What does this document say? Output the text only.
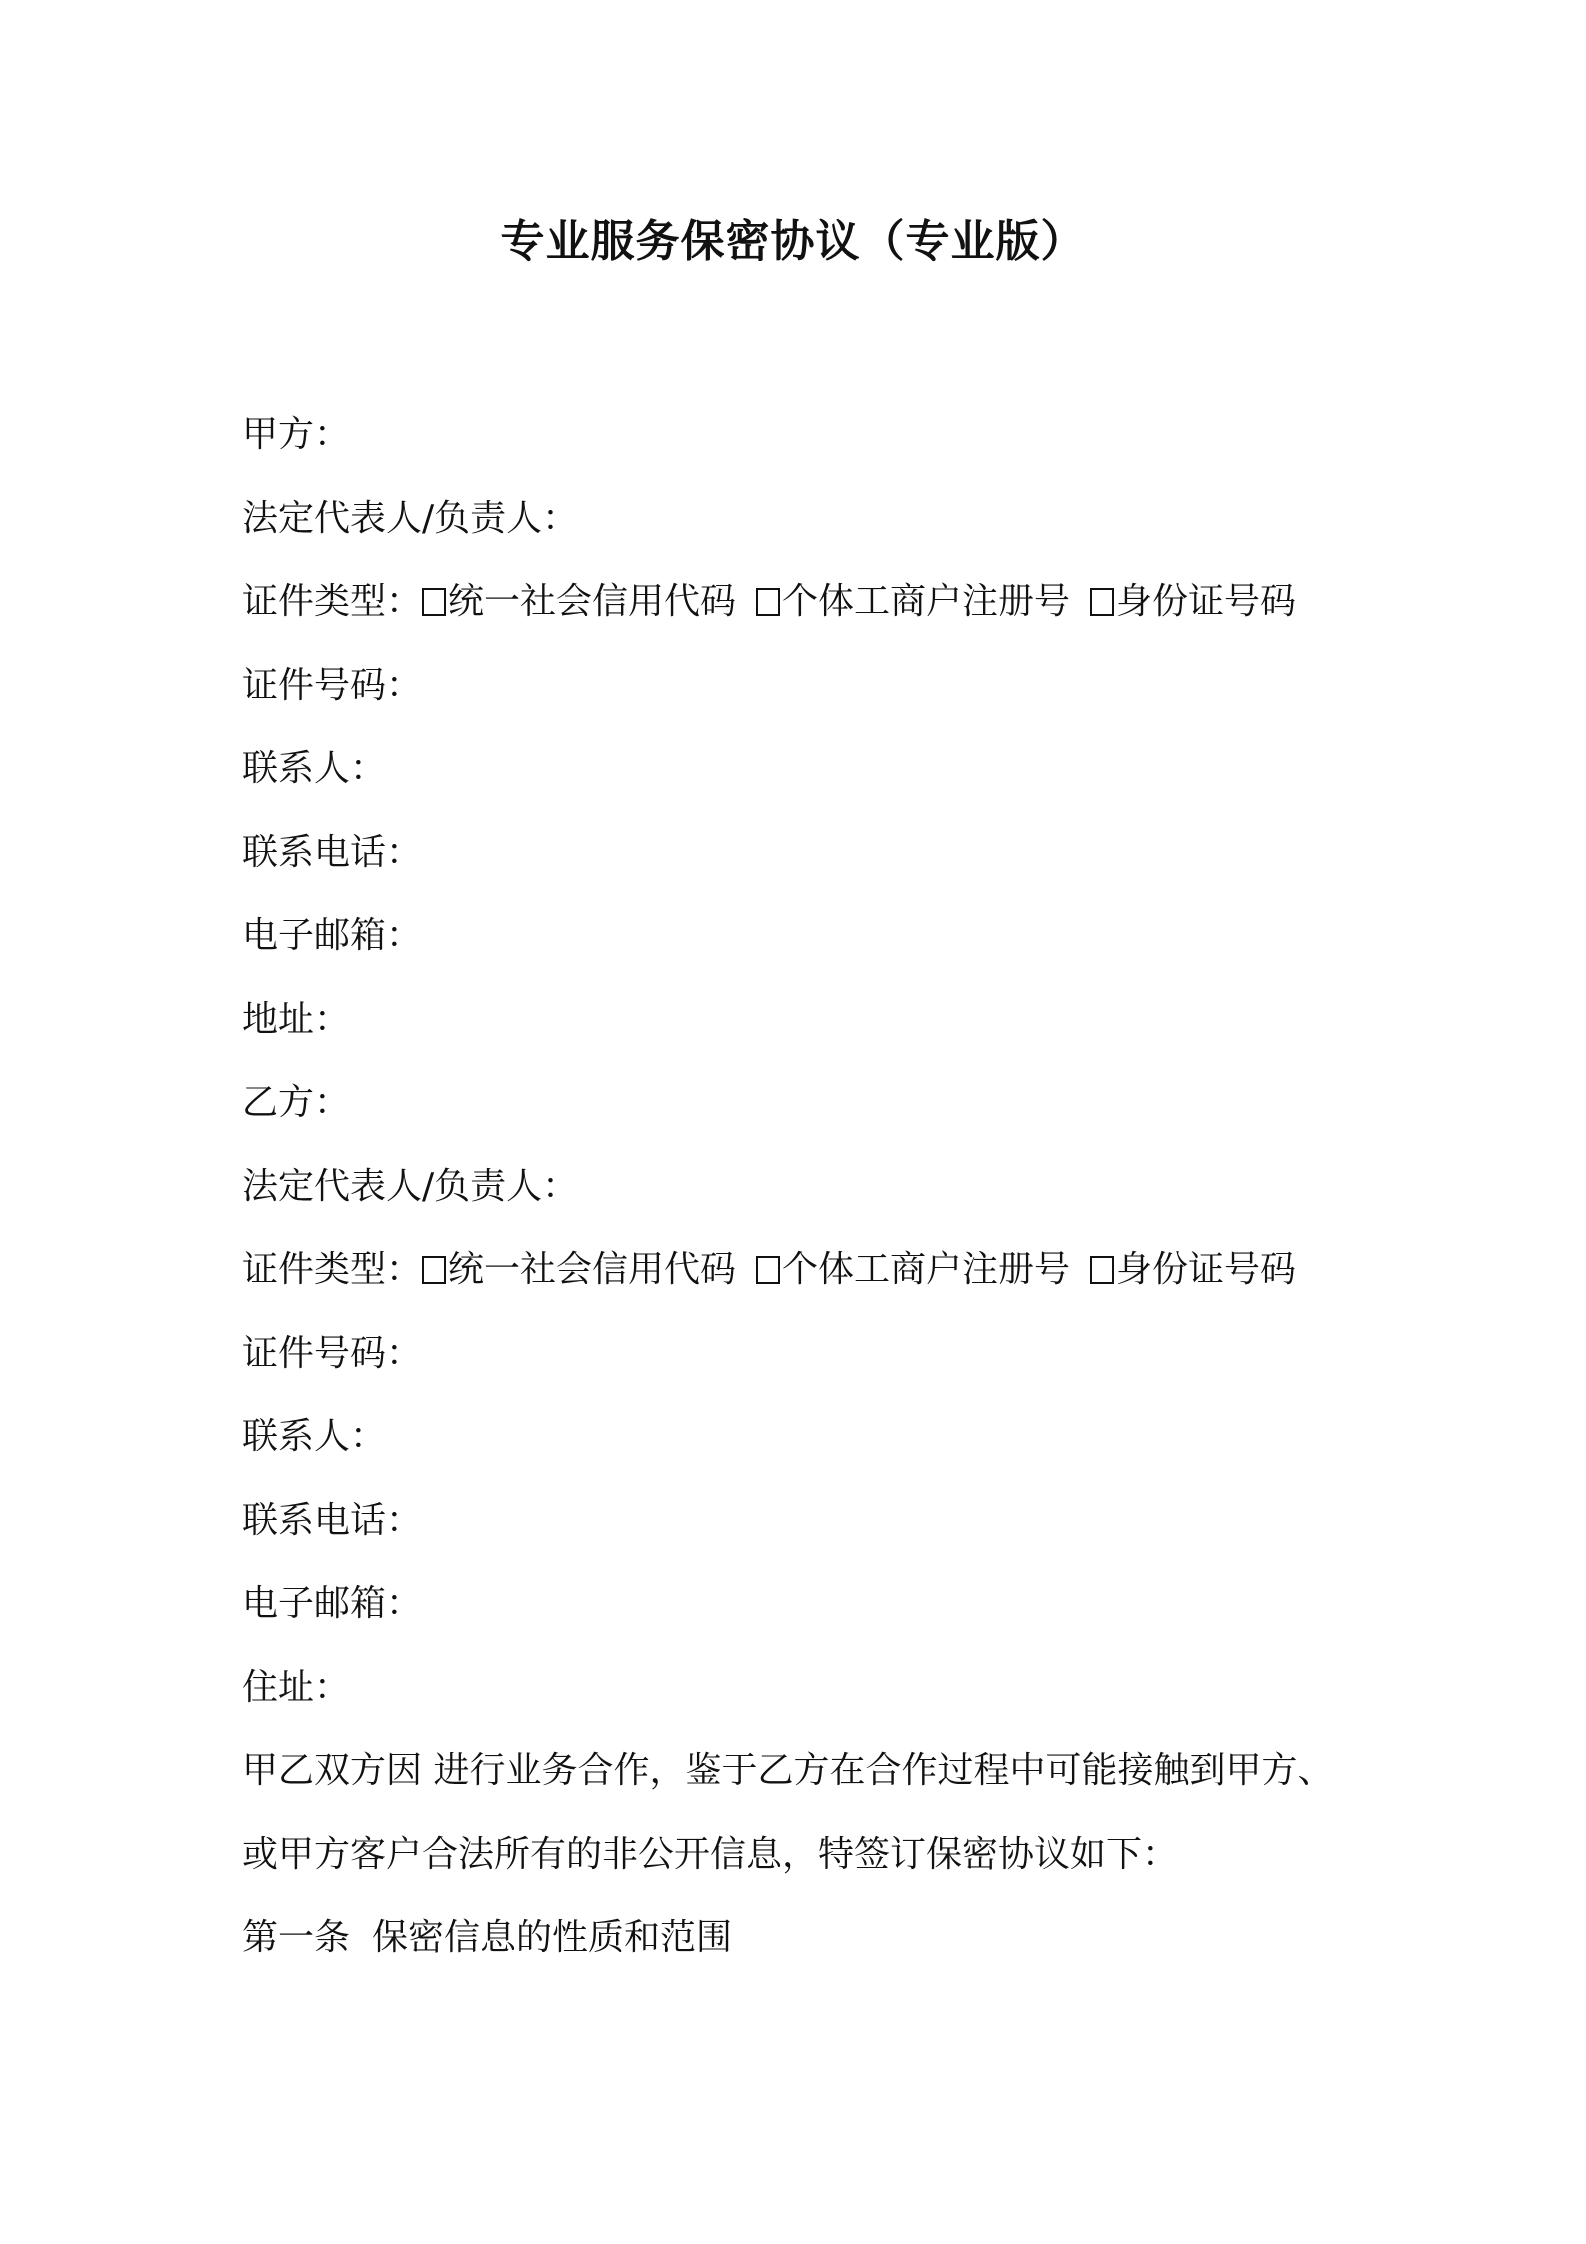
专业服务保密协议（专业版）
甲方：
法定代表人/负责人：
证件类型： 统一社会信用代码 个体工商户注册号 身份证号码
证件号码：
联系人：
联系电话：
电子邮箱：
地址：
乙方：
法定代表人/负责人：
证件类型： 统一社会信用代码 个体工商户注册号 身份证号码
证件号码：
联系人：
联系电话：
电子邮箱：
住址：
甲乙双方因 进行业务合作，鉴于乙方在合作过程中可能接触到甲方、
或甲方客户合法所有的非公开信息，特签订保密协议如下：
第一条 保密信息的性质和范围
